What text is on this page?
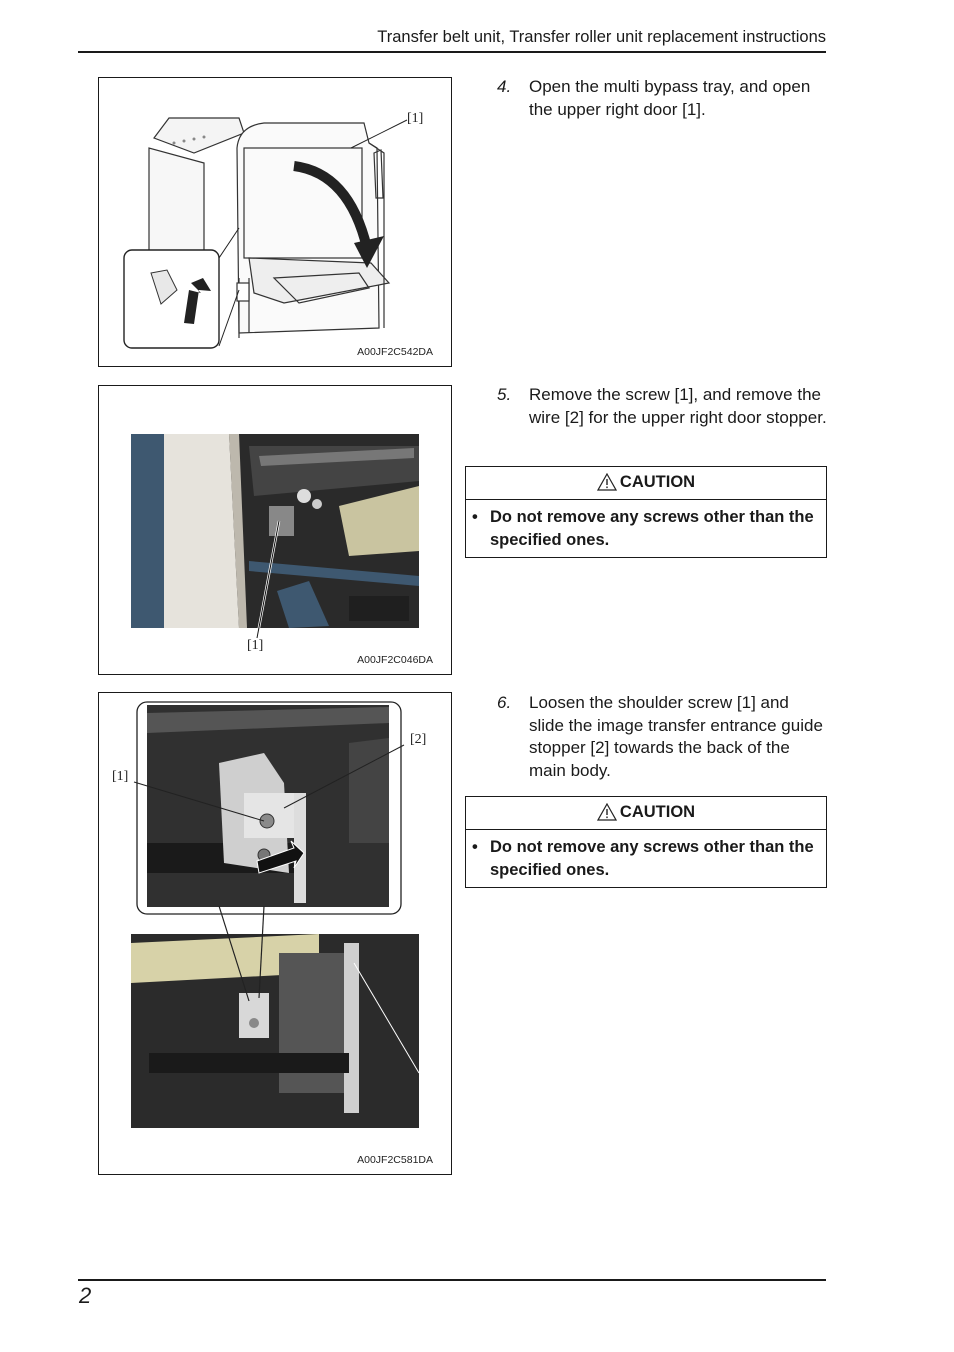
Transfer belt unit, Transfer roller unit replacement instructions
[1]
A00JF2C542DA
[1]
A00JF2C046DA
[1]
[2]
A00JF2C581DA
4. Open the multi bypass tray, and open the upper right door [1].
5. Remove the screw [1], and remove the wire [2] for the upper right door stopper.
CAUTION
• Do not remove any screws other than the specified ones.
6. Loosen the shoulder screw [1] and slide the image transfer entrance guide stopper [2] towards the back of the main body.
CAUTION
• Do not remove any screws other than the specified ones.
2
